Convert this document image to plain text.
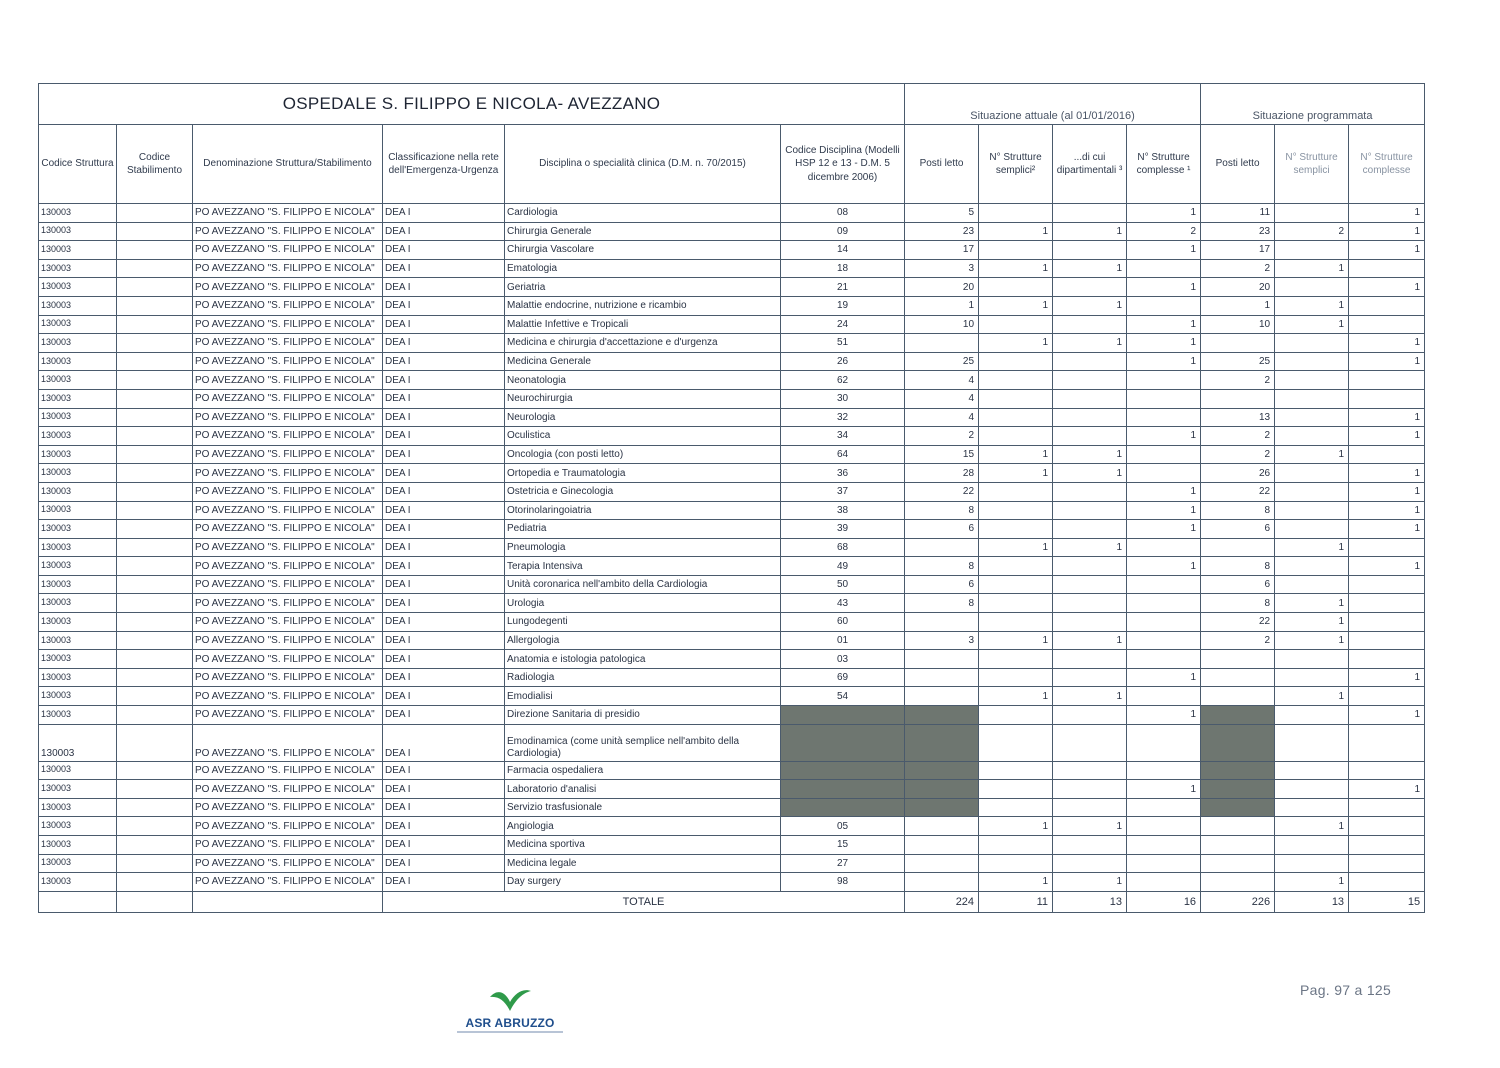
OSPEDALE S. FILIPPO E NICOLA- AVEZZANO						Situazione attuale (al 01/01/2016)				Situazione programmata		
Codice Struttura	Codice Stabilimento	Denominazione Struttura/Stabilimento	Classificazione nella rete dell'Emergenza-Urgenza	Disciplina o specialità clinica (D.M. n. 70/2015)	Codice Disciplina (Modelli HSP 12 e 13 - D.M. 5 dicembre 2006)	Posti letto	N° Strutture semplici²	...di cui dipartimentali ³	N° Strutture complesse ¹	Posti letto	N° Strutture semplici	N° Strutture complesse
130003		PO AVEZZANO "S. FILIPPO E NICOLA"	DEA I	Cardiologia	08	5			1	11		1
130003		PO AVEZZANO "S. FILIPPO E NICOLA"	DEA I	Chirurgia Generale	09	23	1	1	2	23	2	1
130003		PO AVEZZANO "S. FILIPPO E NICOLA"	DEA I	Chirurgia Vascolare	14	17			1	17		1
130003		PO AVEZZANO "S. FILIPPO E NICOLA"	DEA I	Ematologia	18	3	1	1		2	1	
130003		PO AVEZZANO "S. FILIPPO E NICOLA"	DEA I	Geriatria	21	20			1	20		1
130003		PO AVEZZANO "S. FILIPPO E NICOLA"	DEA I	Malattie endocrine, nutrizione e ricambio	19	1	1	1		1	1	
130003		PO AVEZZANO "S. FILIPPO E NICOLA"	DEA I	Malattie Infettive e Tropicali	24	10			1	10	1	
130003		PO AVEZZANO "S. FILIPPO E NICOLA"	DEA I	Medicina e chirurgia d'accettazione e d'urgenza	51		1	1	1			1
130003		PO AVEZZANO "S. FILIPPO E NICOLA"	DEA I	Medicina Generale	26	25			1	25		1
130003		PO AVEZZANO "S. FILIPPO E NICOLA"	DEA I	Neonatologia	62	4				2		
130003		PO AVEZZANO "S. FILIPPO E NICOLA"	DEA I	Neurochirurgia	30	4						
130003		PO AVEZZANO "S. FILIPPO E NICOLA"	DEA I	Neurologia	32	4				13		1
130003		PO AVEZZANO "S. FILIPPO E NICOLA"	DEA I	Oculistica	34	2			1	2		1
130003		PO AVEZZANO "S. FILIPPO E NICOLA"	DEA I	Oncologia (con posti letto)	64	15	1	1		2	1	
130003		PO AVEZZANO "S. FILIPPO E NICOLA"	DEA I	Ortopedia e Traumatologia	36	28	1	1		26		1
130003		PO AVEZZANO "S. FILIPPO E NICOLA"	DEA I	Ostetricia e Ginecologia	37	22			1	22		1
130003		PO AVEZZANO "S. FILIPPO E NICOLA"	DEA I	Otorinolaringoiatria	38	8			1	8		1
130003		PO AVEZZANO "S. FILIPPO E NICOLA"	DEA I	Pediatria	39	6			1	6		1
130003		PO AVEZZANO "S. FILIPPO E NICOLA"	DEA I	Pneumologia	68		1	1			1	
130003		PO AVEZZANO "S. FILIPPO E NICOLA"	DEA I	Terapia Intensiva	49	8			1	8		1
130003		PO AVEZZANO "S. FILIPPO E NICOLA"	DEA I	Unità coronarica nell'ambito della Cardiologia	50	6				6		
130003		PO AVEZZANO "S. FILIPPO E NICOLA"	DEA I	Urologia	43	8				8	1	
130003		PO AVEZZANO "S. FILIPPO E NICOLA"	DEA I	Lungodegenti	60					22	1	
130003		PO AVEZZANO "S. FILIPPO E NICOLA"	DEA I	Allergologia	01	3	1	1		2	1	
130003		PO AVEZZANO "S. FILIPPO E NICOLA"	DEA I	Anatomia e istologia patologica	03							
130003		PO AVEZZANO "S. FILIPPO E NICOLA"	DEA I	Radiologia	69				1			1
130003		PO AVEZZANO "S. FILIPPO E NICOLA"	DEA I	Emodialisi	54		1	1			1	
130003		PO AVEZZANO "S. FILIPPO E NICOLA"	DEA I	Direzione Sanitaria di presidio					1			1
130003		PO AVEZZANO "S. FILIPPO E NICOLA"	DEA I	Emodinamica (come unità semplice nell'ambito della Cardiologia)								
130003		PO AVEZZANO "S. FILIPPO E NICOLA"	DEA I	Farmacia ospedaliera								
130003		PO AVEZZANO "S. FILIPPO E NICOLA"	DEA I	Laboratorio d'analisi					1			1
130003		PO AVEZZANO "S. FILIPPO E NICOLA"	DEA I	Servizio trasfusionale								
130003		PO AVEZZANO "S. FILIPPO E NICOLA"	DEA I	Angiologia	05		1	1			1	
130003		PO AVEZZANO "S. FILIPPO E NICOLA"	DEA I	Medicina sportiva	15							
130003		PO AVEZZANO "S. FILIPPO E NICOLA"	DEA I	Medicina legale	27							
130003		PO AVEZZANO "S. FILIPPO E NICOLA"	DEA I	Day surgery	98		1	1			1	
			TOTALE			224	11	13	16	226	13	15
Pag. 97 a 125
ASR ABRUZZO
